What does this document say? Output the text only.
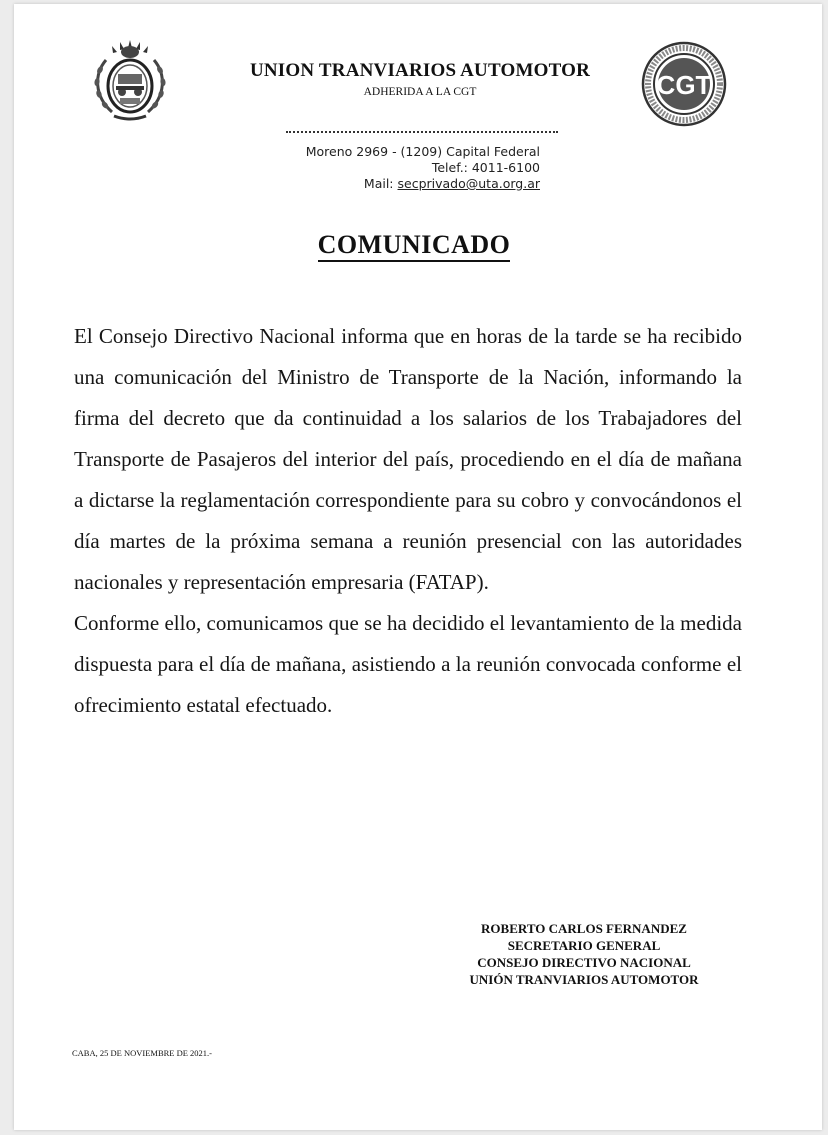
UNION TRANVIARIOS AUTOMOTOR
ADHERIDA A LA CGT	CGT
Moreno 2969 - (1209) Capital Federal
Telef.: 4011-6100
Mail: secprivado@uta.org.ar
COMUNICADO

El Consejo Directivo Nacional informa que en horas de la tarde se ha recibido una comunicación del Ministro de Transporte de la Nación, informando la firma del decreto que da continuidad a los salarios de los Trabajadores del Transporte de Pasajeros del interior del país, procediendo en el día de mañana a dictarse la reglamentación correspondiente para su cobro y convocándonos el día martes de la próxima semana a reunión presencial con las autoridades nacionales y representación empresaria (FATAP).

Conforme ello, comunicamos que se ha decidido el levantamiento de la medida dispuesta para el día de mañana, asistiendo a la reunión convocada conforme el ofrecimiento estatal efectuado.

ROBERTO CARLOS FERNANDEZ
SECRETARIO GENERAL
CONSEJO DIRECTIVO NACIONAL
UNIÓN TRANVIARIOS AUTOMOTOR
CABA, 25 DE NOVIEMBRE DE 2021.-
